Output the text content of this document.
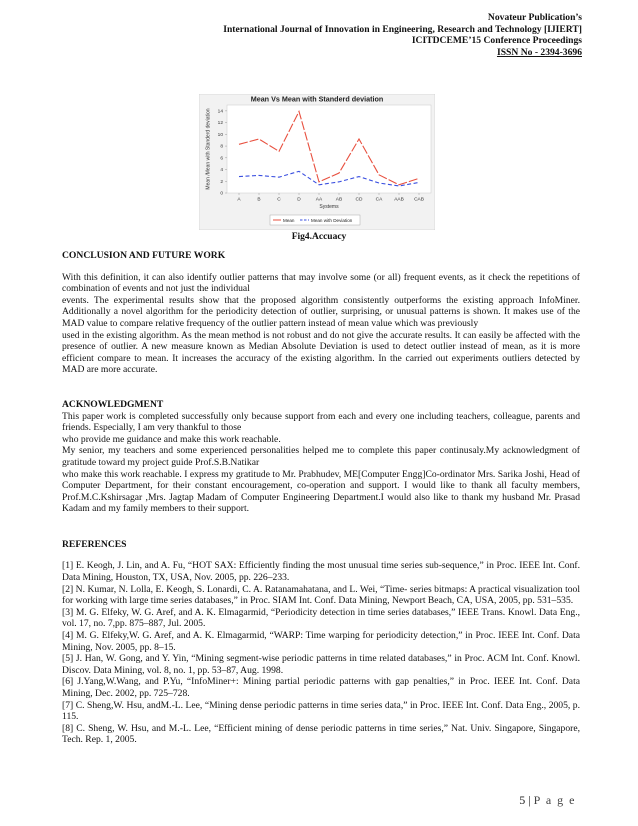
Novateur Publication’s
International Journal of Innovation in Engineering, Research and Technology [IJIERT]
ICITDCEME’15 Conference Proceedings
ISSN No - 2394-3696
Mean Vs Mean with Standerd deviation
Mean /Mean with Standerd deviation
Systems
Mean	Mean with Deviation
0
2
4
6
8
10
12
14
A	B	C	D	AA	AB	CD	CA AAB CAB
Fig4.Accuacy
CONCLUSION AND FUTURE WORK

With this definition, it can also identify outlier patterns that may involve some (or all) frequent events, as it check the repetitions of combination of events and not just the individual

events. The experimental results show that the proposed algorithm consistently outperforms the existing approach InfoMiner. Additionally a novel algorithm for the periodicity detection of outlier, surprising, or unusual patterns is shown. It makes use of the MAD value to compare relative frequency of the outlier pattern instead of mean value which was previously

used in the existing algorithm. As the mean method is not robust and do not give the accurate results. It can easily be affected with the presence of outlier. A new measure known as Median Absolute Deviation is used to detect outlier instead of mean, as it is more efficient compare to mean. It increases the accuracy of the existing algorithm. In the carried out experiments outliers detected by MAD are more accurate.

ACKNOWLEDGMENT

This paper work is completed successfully only because support from each and every one including teachers, colleague, parents and friends. Especially, I am very thankful to those

who provide me guidance and make this work reachable.

My senior, my teachers and some experienced personalities helped me to complete this paper continusaly.My acknowledgment of gratitude toward my project guide Prof.S.B.Natikar

who make this work reachable. I express my gratitude to Mr. Prabhudev, ME[Computer Engg]Co-ordinator Mrs. Sarika Joshi, Head of Computer Department, for their constant encouragement, co-operation and support. I would like to thank all faculty members, Prof.M.C.Kshirsagar ,Mrs. Jagtap Madam of Computer Engineering Department.I would also like to thank my husband Mr. Prasad Kadam and my family members to their support.

REFERENCES

[1] E. Keogh, J. Lin, and A. Fu, “HOT SAX: Efficiently finding the most unusual time series sub-sequence,” in Proc. IEEE Int. Conf. Data Mining, Houston, TX, USA, Nov. 2005, pp. 226–233.

[2] N. Kumar, N. Lolla, E. Keogh, S. Lonardi, C. A. Ratanamahatana, and L. Wei, “Time- series bitmaps: A practical visualization tool for working with large time series databases,” in Proc. SIAM Int. Conf. Data Mining, Newport Beach, CA, USA, 2005, pp. 531–535.

[3] M. G. Elfeky, W. G. Aref, and A. K. Elmagarmid, “Periodicity detection in time series databases,” IEEE Trans. Knowl. Data Eng., vol. 17, no. 7,pp. 875–887, Jul. 2005.

[4] M. G. Elfeky,W. G. Aref, and A. K. Elmagarmid, “WARP: Time warping for periodicity detection,” in Proc. IEEE Int. Conf. Data Mining, Nov. 2005, pp. 8–15.

[5] J. Han, W. Gong, and Y. Yin, “Mining segment-wise periodic patterns in time related databases,” in Proc. ACM Int. Conf. Knowl. Discov. Data Mining, vol. 8, no. 1, pp. 53–87, Aug. 1998.

[6] J.Yang,W.Wang, and P.Yu, “InfoMiner+: Mining partial periodic patterns with gap penalties,” in Proc. IEEE Int. Conf. Data Mining, Dec. 2002, pp. 725–728.

[7] C. Sheng,W. Hsu, andM.-L. Lee, “Mining dense periodic patterns in time series data,” in Proc. IEEE Int. Conf. Data Eng., 2005, p. 115.

[8] C. Sheng, W. Hsu, and M.-L. Lee, “Efficient mining of dense periodic patterns in time series,” Nat. Univ. Singapore, Singapore, Tech. Rep. 1, 2005.

5 | P a g e
